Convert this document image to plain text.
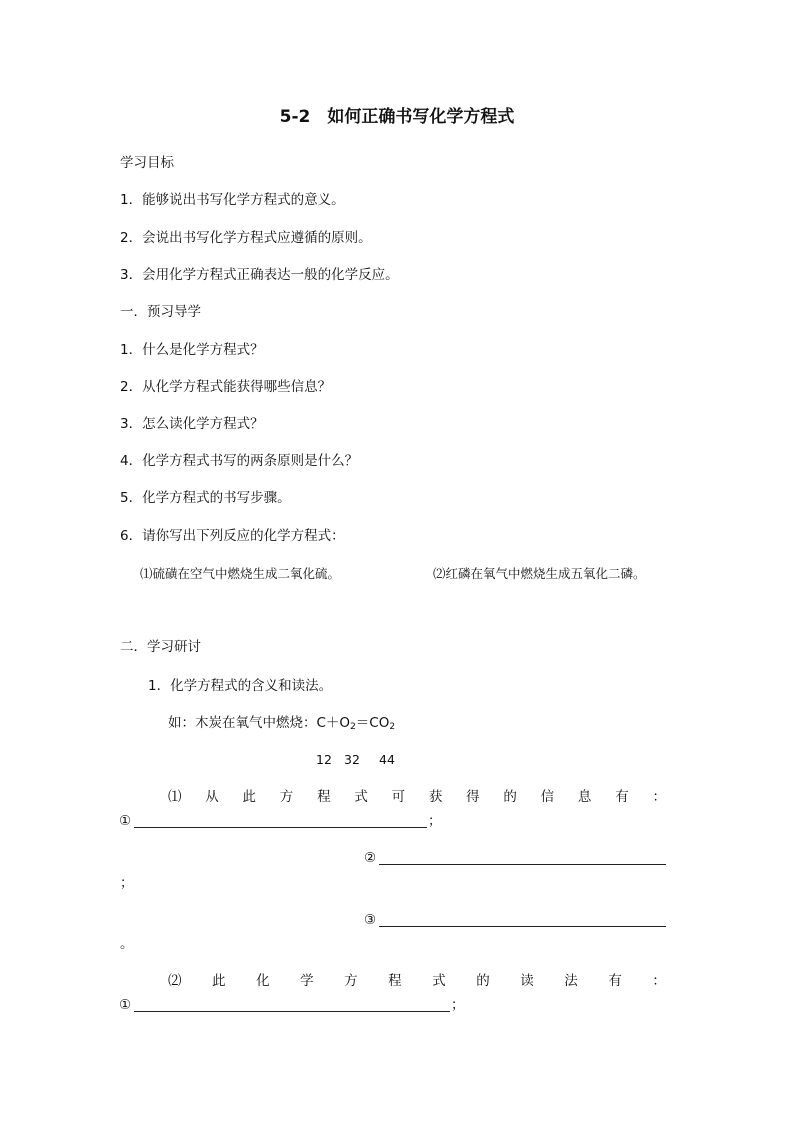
5-2　如何正确书写化学方程式
学习目标
1．能够说出书写化学方程式的意义。
2．会说出书写化学方程式应遵循的原则。
3．会用化学方程式正确表达一般的化学反应。
一．预习导学
1．什么是化学方程式？
2．从化学方程式能获得哪些信息？
3．怎么读化学方程式？
4．化学方程式书写的两条原则是什么？
5．化学方程式的书写步骤。
6．请你写出下列反应的化学方程式：
⑴硫磺在空气中燃烧生成二氧化硫。	⑵红磷在氧气中燃烧生成五氧化二磷。
二．学习研讨
1．化学方程式的含义和读法。
如：木炭在氧气中燃烧：$C+O_2=CO_2$
12 32 44
⑴ 从 此 方 程 式 可 获 得 的 信 息 有 ：
①	；
②
；
③
。
⑵ 此 化 学 方 程 式 的 读 法 有 ：
①	；
